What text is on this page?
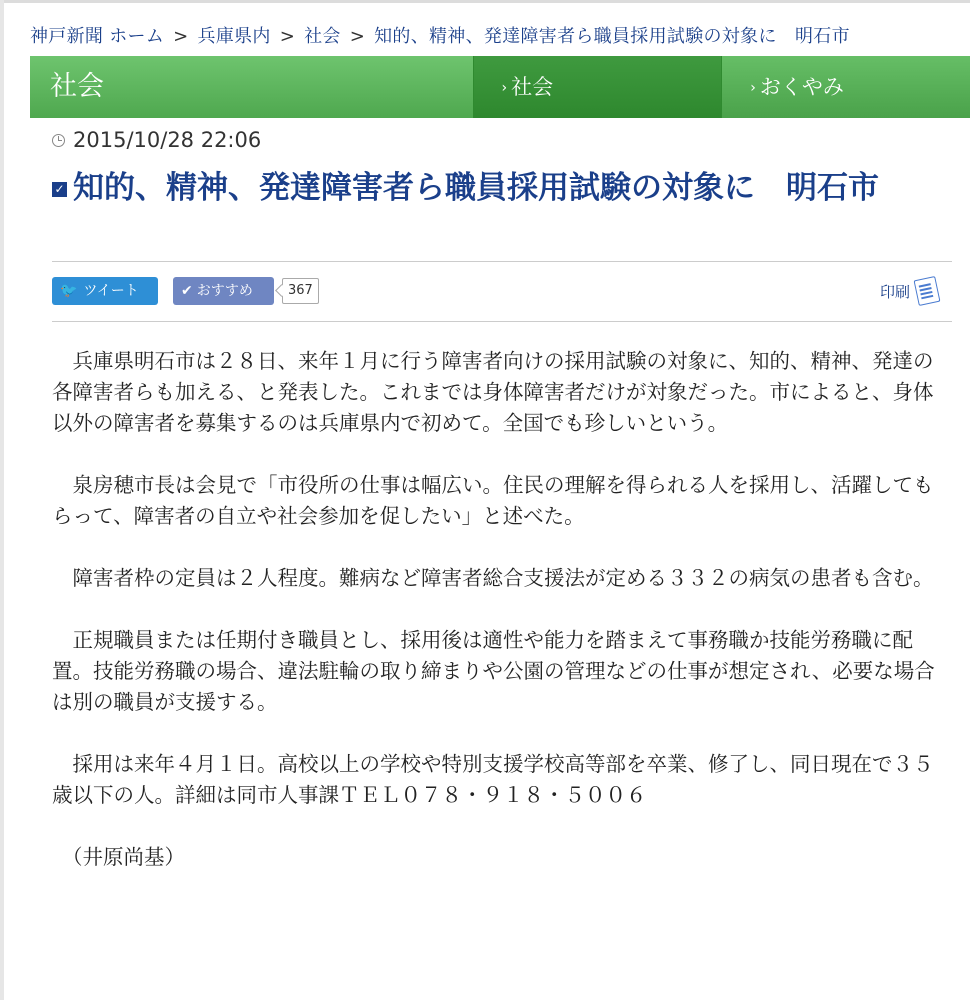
神戸新聞 ホーム > 兵庫県内 > 社会 > 知的、精神、発達障害者ら職員採用試験の対象に　明石市
社会	› 社会	› おくやみ
2015/10/28 22:06
✓ 知的、精神、発達障害者ら職員採用試験の対象に　明石市
🐦 ツイート	✔ おすすめ	367	印刷

　兵庫県明石市は２８日、来年１月に行う障害者向けの採用試験の対象に、知的、精神、発達の各障害者らも加える、と発表した。これまでは身体障害者だけが対象だった。市によると、身体以外の障害者を募集するのは兵庫県内で初めて。全国でも珍しいという。

　泉房穂市長は会見で「市役所の仕事は幅広い。住民の理解を得られる人を採用し、活躍してもらって、障害者の自立や社会参加を促したい」と述べた。

　障害者枠の定員は２人程度。難病など障害者総合支援法が定める３３２の病気の患者も含む。

　正規職員または任期付き職員とし、採用後は適性や能力を踏まえて事務職か技能労務職に配置。技能労務職の場合、違法駐輪の取り締まりや公園の管理などの仕事が想定され、必要な場合は別の職員が支援する。

　採用は来年４月１日。高校以上の学校や特別支援学校高等部を卒業、修了し、同日現在で３５歳以下の人。詳細は同市人事課ＴＥＬ０７８・９１８・５００６

（井原尚基）
